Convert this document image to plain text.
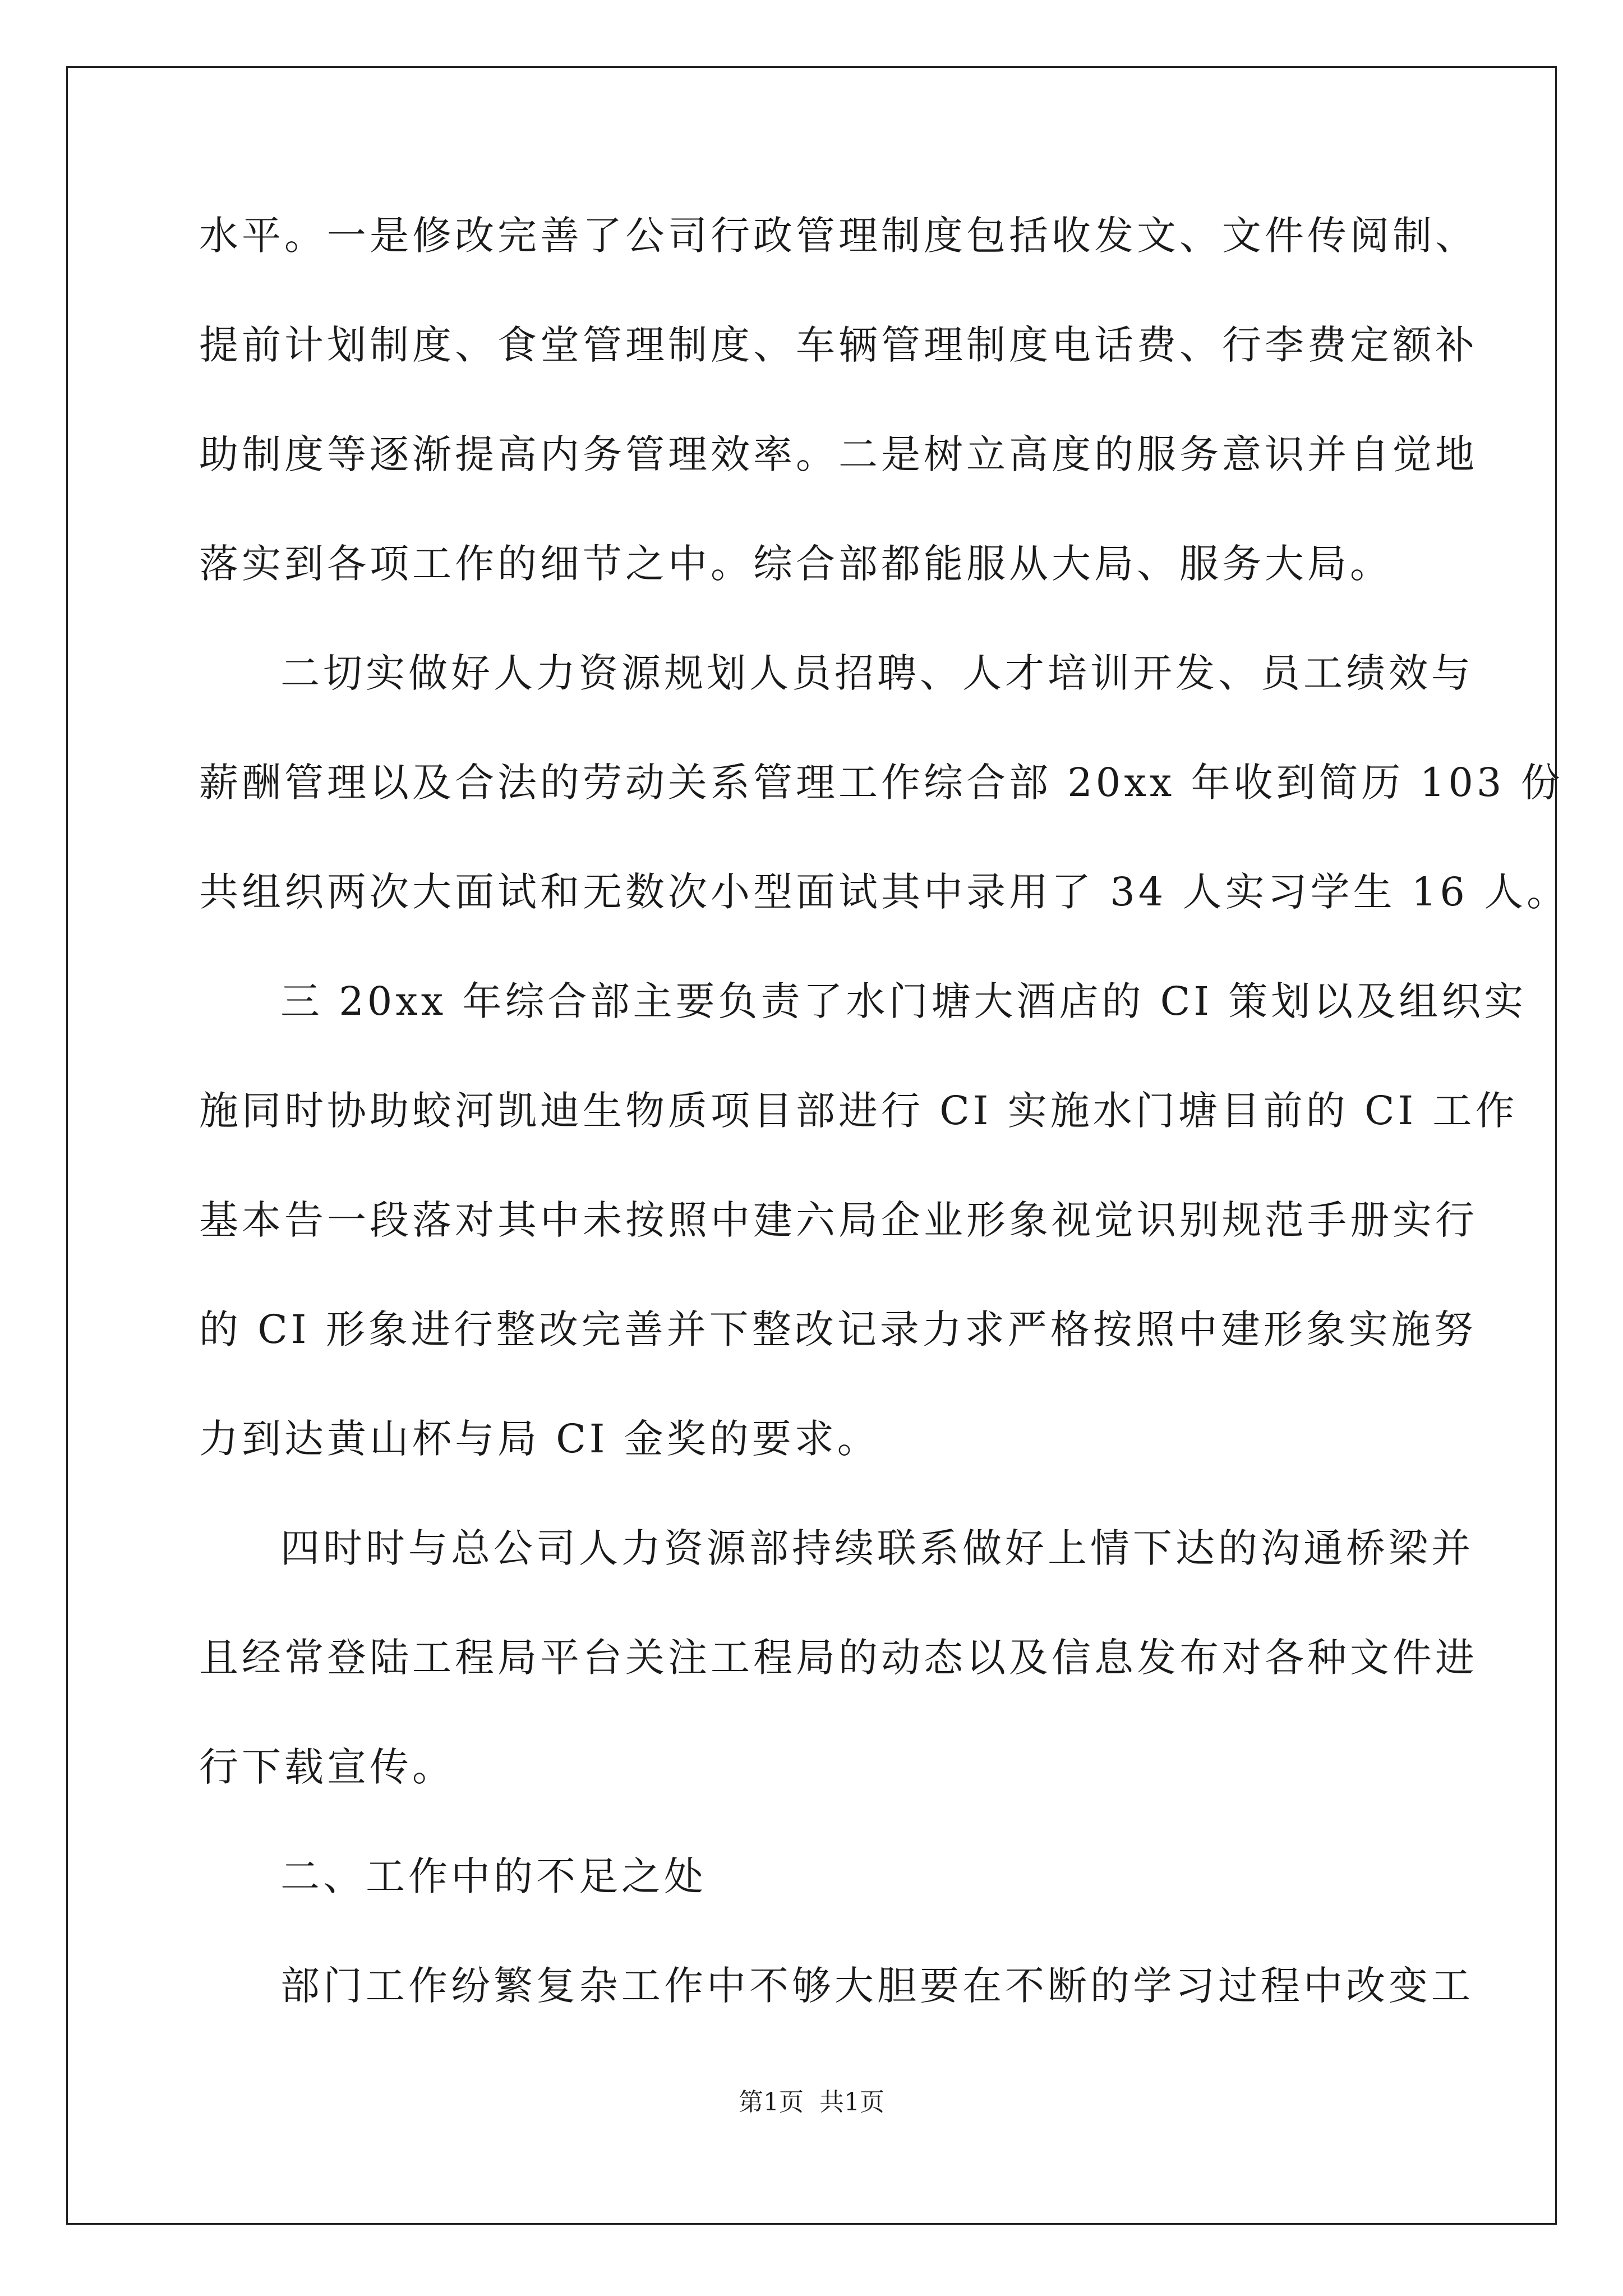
水平。一是修改完善了公司行政管理制度包括收发文、文件传阅制、
提前计划制度、食堂管理制度、车辆管理制度电话费、行李费定额补
助制度等逐渐提高内务管理效率。二是树立高度的服务意识并自觉地
落实到各项工作的细节之中。综合部都能服从大局、服务大局。
二切实做好人力资源规划人员招聘、人才培训开发、员工绩效与
薪酬管理以及合法的劳动关系管理工作综合部 20xx 年收到简历 103 份
共组织两次大面试和无数次小型面试其中录用了 34 人实习学生 16 人。
三 20xx 年综合部主要负责了水门塘大酒店的 CI 策划以及组织实
施同时协助蛟河凯迪生物质项目部进行 CI 实施水门塘目前的 CI 工作
基本告一段落对其中未按照中建六局企业形象视觉识别规范手册实行
的 CI 形象进行整改完善并下整改记录力求严格按照中建形象实施努
力到达黄山杯与局 CI 金奖的要求。
四时时与总公司人力资源部持续联系做好上情下达的沟通桥梁并
且经常登陆工程局平台关注工程局的动态以及信息发布对各种文件进
行下载宣传。
二、工作中的不足之处
部门工作纷繁复杂工作中不够大胆要在不断的学习过程中改变工
第1页  共1页
